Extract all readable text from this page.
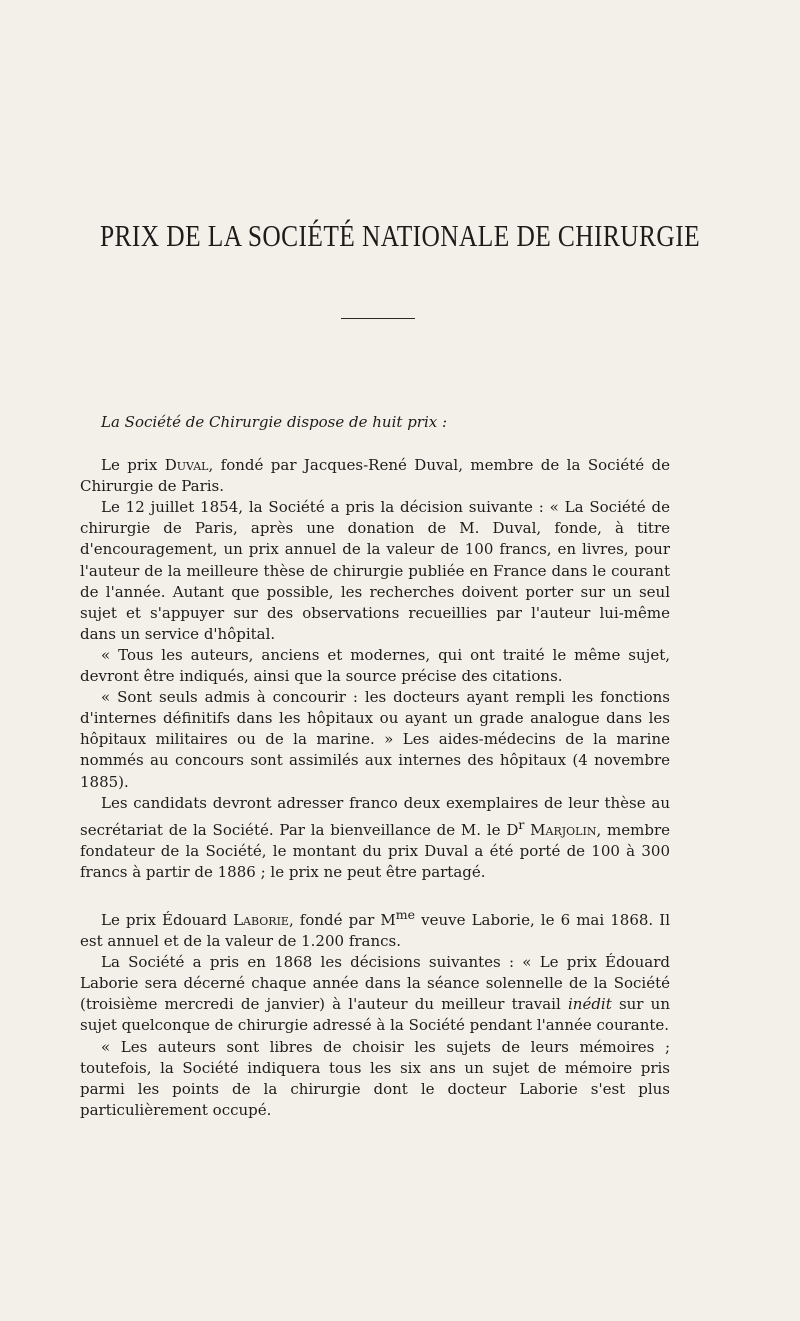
PRIX DE LA SOCIÉTÉ NATIONALE DE CHIRURGIE

La Société de Chirurgie dispose de huit prix :

Le prix Duval, fondé par Jacques-René Duval, membre de la Société de Chirurgie de Paris.

Le 12 juillet 1854, la Société a pris la décision suivante : « La Société de chirurgie de Paris, après une donation de M. Duval, fonde, à titre d'encouragement, un prix annuel de la valeur de 100 francs, en livres, pour l'auteur de la meilleure thèse de chirurgie publiée en France dans le courant de l'année. Autant que possible, les recherches doivent porter sur un seul sujet et s'appuyer sur des observations recueillies par l'auteur lui-même dans un service d'hôpital.

« Tous les auteurs, anciens et modernes, qui ont traité le même sujet, devront être indiqués, ainsi que la source précise des citations.

« Sont seuls admis à concourir : les docteurs ayant rempli les fonctions d'internes définitifs dans les hôpitaux ou ayant un grade analogue dans les hôpitaux militaires ou de la marine. » Les aides-médecins de la marine nommés au concours sont assimilés aux internes des hôpitaux (4 novembre 1885).

Les candidats devront adresser franco deux exemplaires de leur thèse au secrétariat de la Société. Par la bienveillance de M. le $D^r$ Marjolin, membre fondateur de la Société, le montant du prix Duval a été porté de 100 à 300 francs à partir de 1886 ; le prix ne peut être partagé.

Le prix Édouard Laborie, fondé par $M^{me}$ veuve Laborie, le 6 mai 1868. Il est annuel et de la valeur de 1.200 francs.

La Société a pris en 1868 les décisions suivantes : « Le prix Édouard Laborie sera décerné chaque année dans la séance solennelle de la Société (troisième mercredi de janvier) à l'auteur du meilleur travail inédit sur un sujet quelconque de chirurgie adressé à la Société pendant l'année courante.

« Les auteurs sont libres de choisir les sujets de leurs mémoires ; toutefois, la Société indiquera tous les six ans un sujet de mémoire pris parmi les points de la chirurgie dont le docteur Laborie s'est plus particulièrement occupé.
